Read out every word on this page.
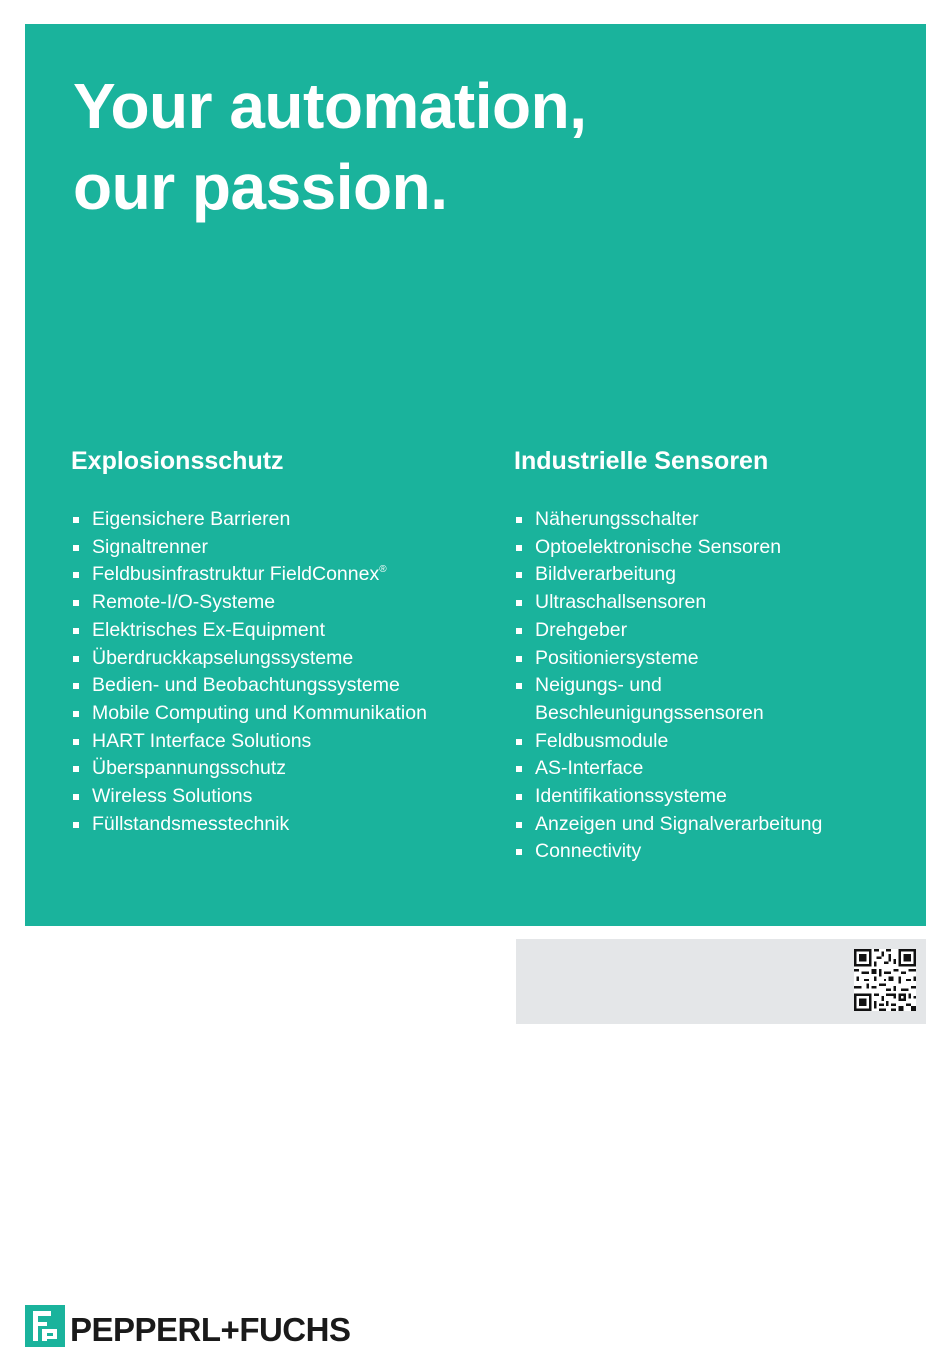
Your automation,
our passion.
Explosionsschutz
Eigensichere Barrieren
Signaltrenner
Feldbusinfrastruktur FieldConnex®
Remote-I/O-Systeme
Elektrisches Ex-Equipment
Überdruckkapselungssysteme
Bedien- und Beobachtungssysteme
Mobile Computing und Kommunikation
HART Interface Solutions
Überspannungsschutz
Wireless Solutions
Füllstandsmesstechnik
Industrielle Sensoren
Näherungsschalter
Optoelektronische Sensoren
Bildverarbeitung
Ultraschallsensoren
Drehgeber
Positioniersysteme
Neigungs- und
Beschleunigungssensoren
Feldbusmodule
AS-Interface
Identifikationssysteme
Anzeigen und Signalverarbeitung
Connectivity
PEPPERL+FUCHS
